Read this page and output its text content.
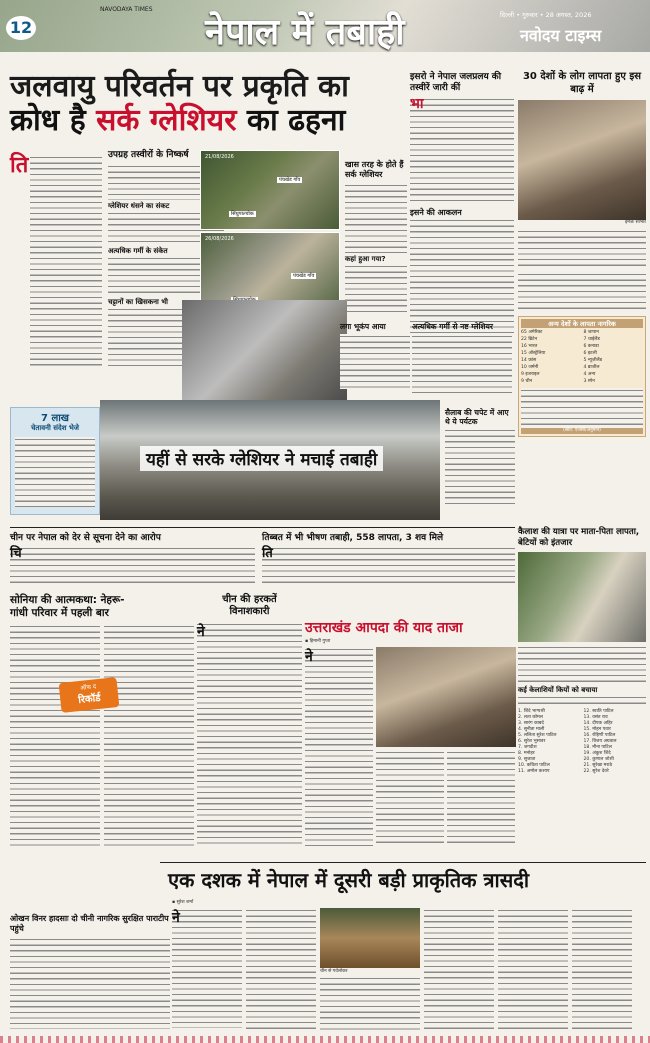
12
NAVODAYA TIMES
नेपाल में तबाही	दिल्ली • गुरुवार • 28 अगस्त, 2026
नवोदय टाइम्स
जलवायु परिवर्तन पर प्रकृति का
क्रोध है सर्क ग्लेशियर का ढहना
ति
7 लाख
चेतावनी संदेश भेजे
उपग्रह तस्वीरों के निष्कर्ष
ग्लेशियर धंसने का संकट
अत्यधिक गर्मी के संकेत
चट्टानों का खिसकना भी
21/08/2026
पंचखेड गाँव
सिंधुपाल्चोक
26/08/2026
पंचखेड गाँव
खास तरह के होते हैं सर्क ग्लेशियर
कहां हुआ गया?
इसरो ने नेपाल जलप्रलय की तस्वीरें जारी कीं
भा
इसने की आकलन
लगा भूकंप आया	अत्यधिक गर्मी से नष्ट ग्लेशियर
यहीं से सरके ग्लेशियर ने मचाई तबाही
सैलाब की चपेट में आए थे ये पर्यटक
30 देशों के लोग लापता हुए इस बाढ़ में
इमेजः साभार
अन्य देशों के लापता नागरिक
65 अमेरिका	8 जापान
22 ब्रिटेन	7 थाईलैंड
16 भारत	6 कनाडा
15 ऑस्ट्रेलिया	6 इटली
14 फ्रांस	5 न्यूजीलैंड
10 जर्मनी	4 ब्राजील
9 इजराइल	4 अन्य
9 चीन	3 स्पेन
(स्रोत: एजेंसी/अनुमान)
चीन पर नेपाल को देर से सूचना देने का आरोप
चि
तिब्बत में भी भीषण तबाही, 558 लापता, 3 शव मिले
ति
कैलाश की यात्रा पर माता-पिता लापता, बेटियों को इंतजार
कई केलाशियों कियों को बचाया
1. शिंदे भाग्यश्री
2. लता कोमल
3. सारंग काबदे
4. सुनीता माली
5. ललिता सुरेश पाटिल
6. सुरेश भुसावर
7. जगदीश
8. मनोहर
9. सुजाता
10. कविता पाटिल
11. अमोल कश्यप
12. स्वाति पाटिल
13. वसंत राव
14. दीपक अहिर
15. मोहन पवार
16. रोहिणी पाटिल
17. विजय अग्रवाल
18. मीना पाटिल
19. अंकुश शिंदे
20. कुणाल जोशी
21. सुरेखा मराठे
22. सुरेश देवरे
सोनिया की आत्मकथा: नेहरू-
गांधी परिवार में पहली बार
ऑफ द
रिकॉर्ड
चीन की हरकतें
विनाशकारी
ने	उत्तराखंड आपदा की याद ताजा
▪ हिमानी गुप्ता
ने
एक दशक में नेपाल में दूसरी बड़ी प्राकृतिक त्रासदी
ओखन विनर हादसाः दो चीनी नागरिक सुरक्षित पाराटीप पहुंचे
▪ सुरेश शर्मा
ने
चीन से गर्वलोकर
